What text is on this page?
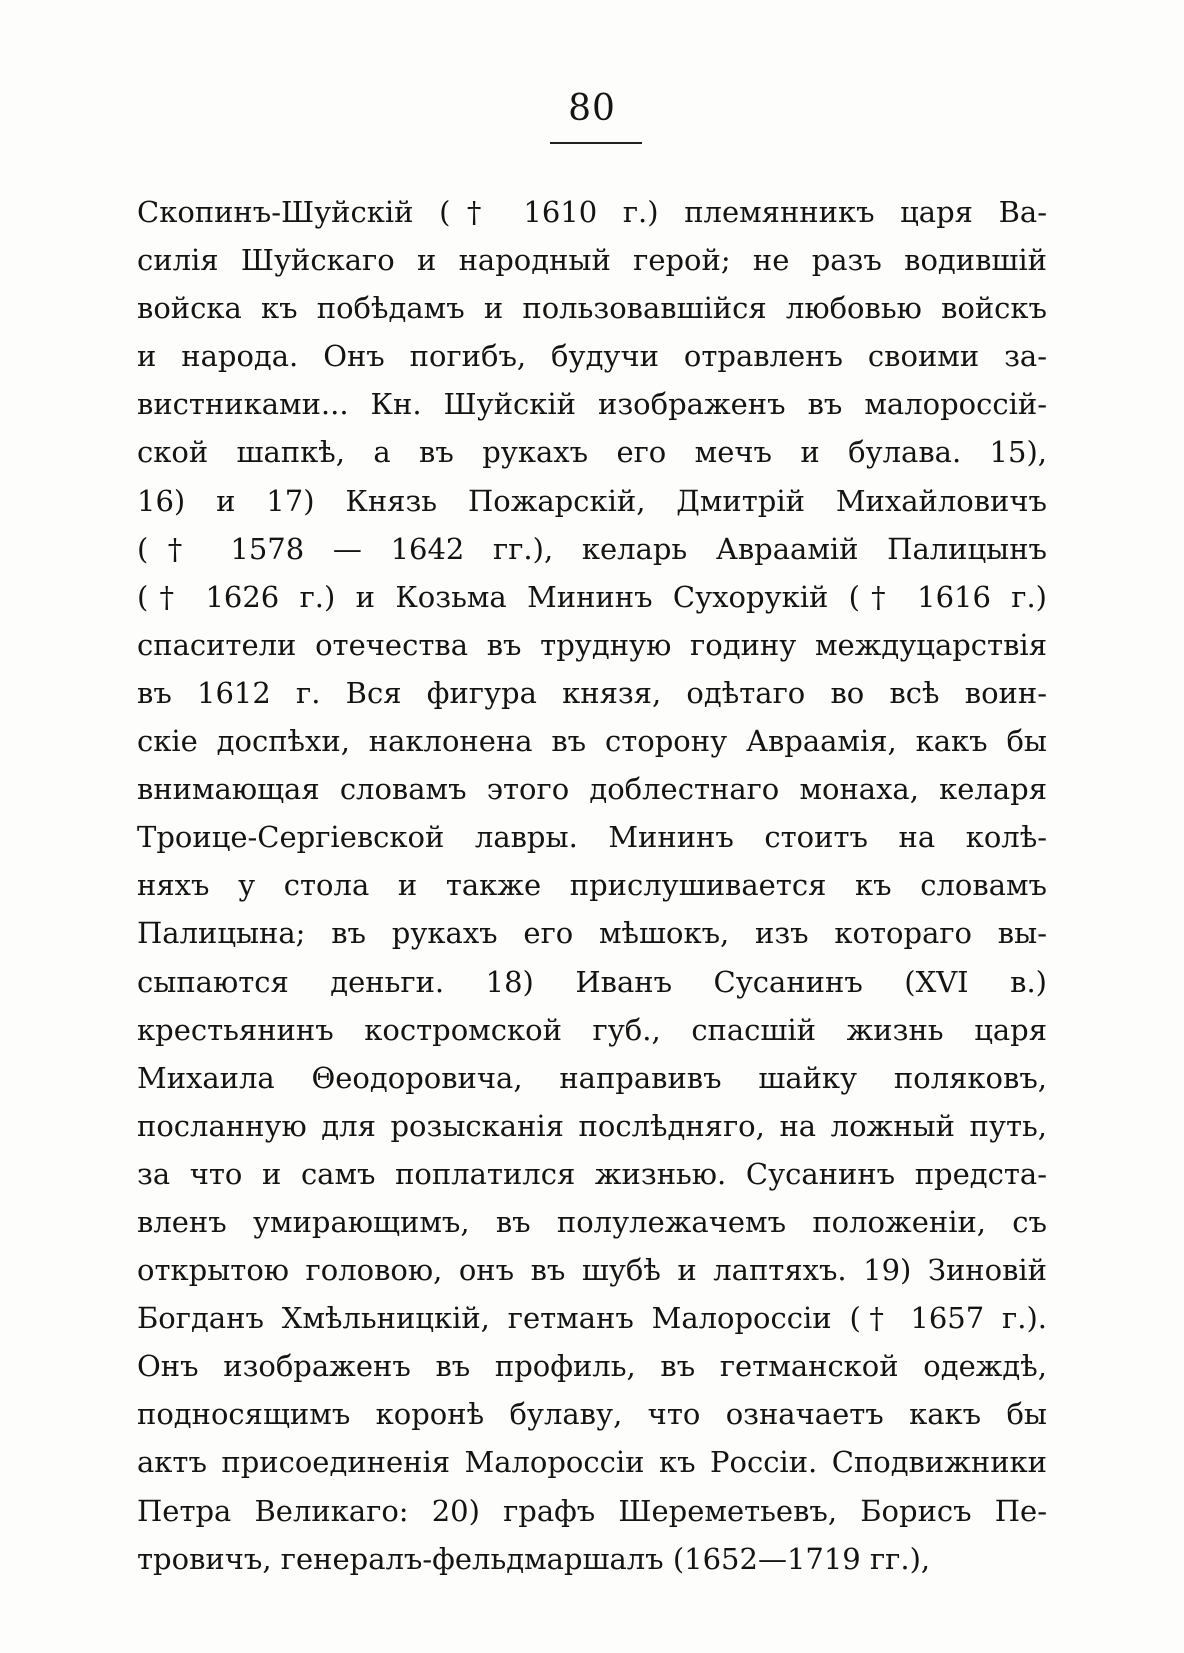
80
Скопинъ-Шуйскій († 1610 г.) племянникъ царя Ва-
силія Шуйскаго и народный герой; не разъ водившій
войска къ побѣдамъ и пользовавшійся любовью войскъ
и народа. Онъ погибъ, будучи отравленъ своими за-
вистниками... Кн. Шуйскій изображенъ въ малороссій-
ской шапкѣ, а въ рукахъ его мечъ и булава. 15),
16) и 17) Князь Пожарскій, Дмитрій Михайловичъ
(† 1578 — 1642 гг.), келарь Авраамій Палицынъ
(† 1626 г.) и Козьма Мининъ Сухорукій († 1616 г.)
спасители отечества въ трудную годину междуцарствія
въ 1612 г. Вся фигура князя, одѣтаго во всѣ воин-
скіе доспѣхи, наклонена въ сторону Авраамія, какъ бы
внимающая словамъ этого доблестнаго монаха, келаря
Троице-Сергіевской лавры. Мининъ стоитъ на колѣ-
няхъ у стола и также прислушивается къ словамъ
Палицына; въ рукахъ его мѣшокъ, изъ котораго вы-
сыпаются деньги. 18) Иванъ Сусанинъ (XVI в.)
крестьянинъ костромской губ., спасшій жизнь царя
Михаила Θеодоровича, направивъ шайку поляковъ,
посланную для розысканія послѣдняго, на ложный путь,
за что и самъ поплатился жизнью. Сусанинъ предста-
вленъ умирающимъ, въ полулежачемъ положеніи, съ
открытою головою, онъ въ шубѣ и лаптяхъ. 19) Зиновій
Богданъ Хмѣльницкій, гетманъ Малороссіи († 1657 г.).
Онъ изображенъ въ профиль, въ гетманской одеждѣ,
подносящимъ коронѣ булаву, что означаетъ какъ бы
актъ присоединенія Малороссіи къ Россіи. Сподвижники
Петра Великаго: 20) графъ Шереметьевъ, Борисъ Пе-
тровичъ, генералъ-фельдмаршалъ (1652—1719 гг.),
